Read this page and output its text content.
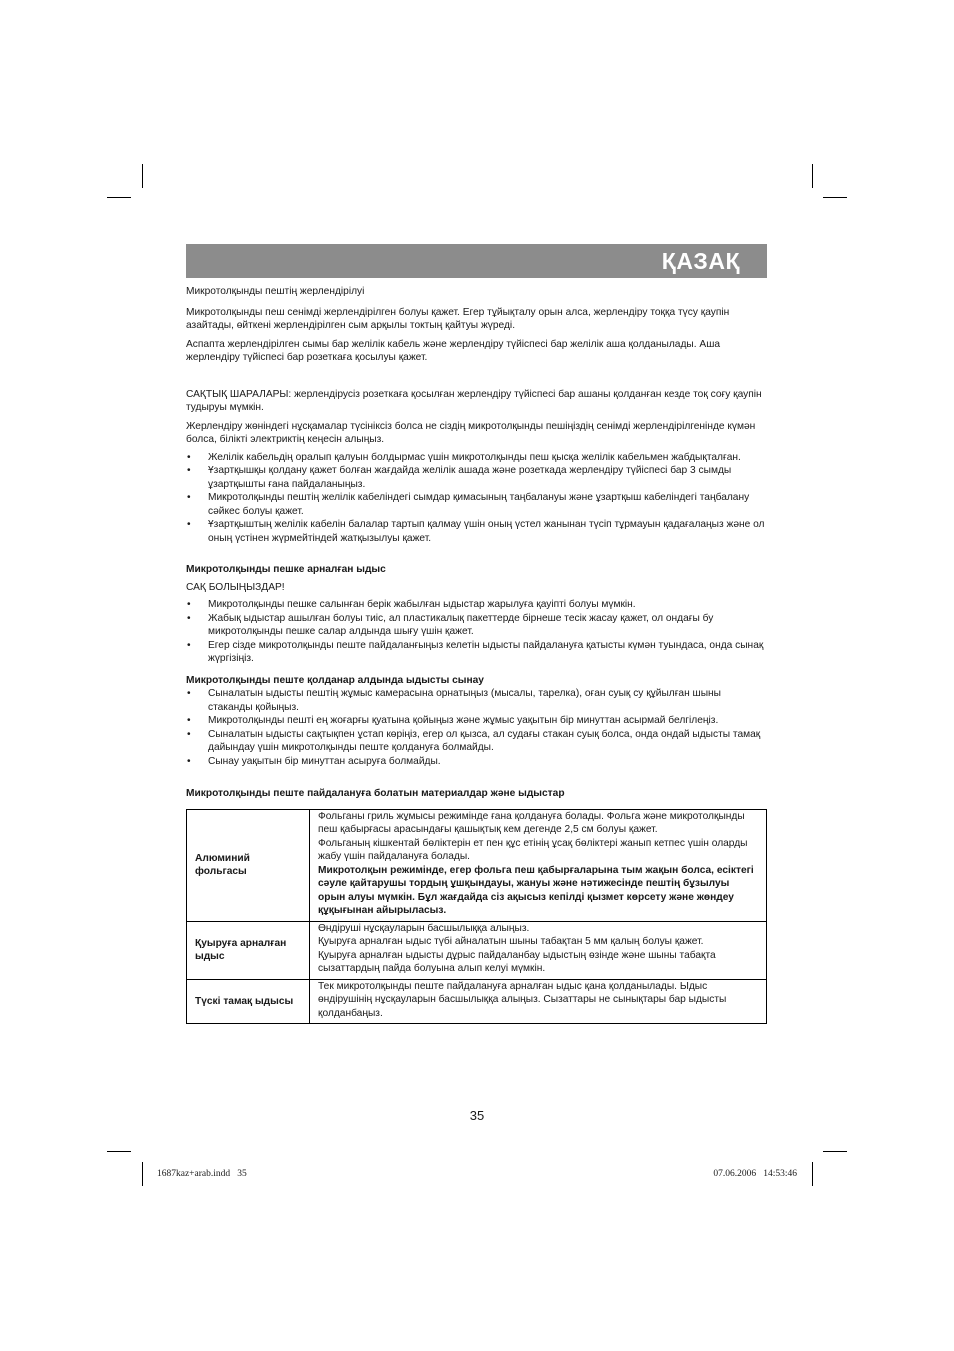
ҚАЗАҚ

Микротолқынды пештің жерлендірілуі

Микротолқынды пеш сенімді жерлендірілген болуы қажет. Егер тұйықталу орын алса, жерлендіру тоққа түсу қаупін азайтады, өйткені жерлендірілген сым арқылы токтың қайтуы жүреді.

Аспапта жерлендірілген сымы бар желілік кабель және жерлендіру түйіспесі бар желілік аша қолданылады. Аша жерлендіру түйіспесі бар розеткаға қосылуы қажет.

САҚТЫҚ ШАРАЛАРЫ: жерлендірусіз розеткаға қосылған жерлендіру түйіспесі бар ашаны қолданған кезде тоқ соғу қаупін тудыруы мүмкін.

Жерлендіру жөніндегі нұсқамалар түсініксіз болса не сіздің микротолқынды пешіңіздің сенімді жерлендірілгенінде күмән болса, білікті электриктің кеңесін алыңыз.

• Желілік кабельдің оралып қалуын болдырмас үшін микротолқынды пеш қысқа желілік кабельмен жабдықталған.
• Ұзартқышқы қолдану қажет болған жағдайда желілік ашада және розеткада жерлендіру түйіспесі бар 3 сымды ұзартқышты ғана пайдаланыңыз.
• Микротолқынды пештің желілік кабеліндегі сымдар қимасының таңбалануы және ұзартқыш кабеліндегі таңбалану сәйкес болуы қажет.
• Ұзартқыштың желілік кабелін балалар тартып қалмау үшін оның үстел жанынан түсіп тұрмауын қадағалаңыз және ол оның үстінен жүрмейтіндей жатқызылуы қажет.

Микротолқынды пешке арналған ыдыс

САҚ БОЛЫҢЫЗДАР!

• Микротолқынды пешке салынған берік жабылған ыдыстар жарылуға қауіпті болуы мүмкін.
• Жабық ыдыстар ашылған болуы тиіс, ал пластикалық пакеттерде бірнеше тесік жасау қажет, ол ондағы бу микротолқынды пешке салар алдында шығу үшін қажет.
• Егер сізде микротолқынды пеште пайдаланғыңыз келетін ыдысты пайдалануға қатысты күмән туындаса, онда сынақ жүргізіңіз.

Микротолқынды пеште қолданар алдында ыдысты сынау

• Сыналатын ыдысты пештің жұмыс камерасына орнатыңыз (мысалы, тарелка), оған суық су құйылған шыны стаканды қойыңыз.
• Микротолқынды пешті ең жоғарғы қуатына қойыңыз және жұмыс уақытын бір минуттан асырмай белгілеңіз.
• Сыналатын ыдысты сақтықпен ұстап көріңіз, егер ол қызса, ал судағы стакан суық болса, онда ондай ыдысты тамақ дайындау үшін микротолқынды пеште қолдануға болмайды.
• Сынау уақытын бір минуттан асыруға болмайды.

Микротолқынды пеште пайдалануға болатын материалдар және ыдыстар

Алюминий фольгасы	Фольганы гриль жұмысы режимінде ғана қолдануға болады. Фольга және микротолқынды пеш қабырғасы арасындағы қашықтық кем дегенде 2,5 см болуы қажет.

Фольганың кішкентай бөліктерін ет пен құс етінің ұсақ бөліктері жанып кетпес үшін оларды жабу үшін пайдалануға болады.

Микротолқын режимінде, егер фольга пеш қабырғаларына тым жақын болса, есіктегі сәуле қайтарушы тордың ұшқындауы, жануы және нәтижесінде пештің бұзылуы орын алуы мүмкін. Бұл жағдайда сіз ақысыз кепілді қызмет көрсету және жөндеу құқығынан айырыласыз.

Қуыруға арналған ыдыс	Өндіруші нұсқауларын басшылыққа алыңыз.

Қуыруға арналған ыдыс түбі айналатын шыны табақтан 5 мм қалың болуы қажет.

Қуыруға арналған ыдысты дұрыс пайдаланбау ыдыстың өзінде және шыны табақта сызаттардың пайда болуына алып келуі мүмкін.

Түскі тамақ ыдысы	Тек микротолқынды пеште пайдалануға арналған ыдыс қана қолданылады. Ыдыс өндірушінің нұсқауларын басшылыққа алыңыз. Сызаттары не сынықтары бар ыдысты қолданбаңыз.

35
1687kaz+arab.indd   35	07.06.2006   14:53:46
